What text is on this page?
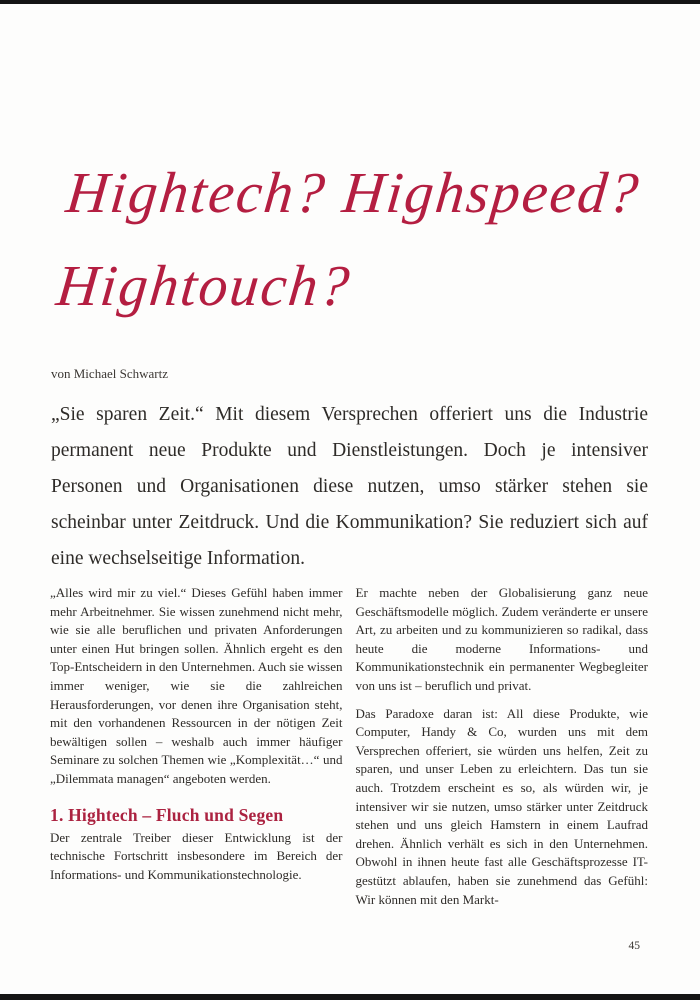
Hightech? Highspeed?
Hightouch?

von Michael Schwartz

„Sie sparen Zeit.“ Mit diesem Versprechen offeriert uns die Industrie permanent neue Produkte und Dienstleistungen. Doch je intensiver Personen und Organisationen diese nutzen, umso stärker stehen sie scheinbar unter Zeitdruck. Und die Kommunikation? Sie reduziert sich auf eine wechselseitige Information.

„Alles wird mir zu viel.“ Dieses Gefühl haben immer mehr Arbeitnehmer. Sie wissen zunehmend nicht mehr, wie sie alle beruflichen und privaten Anforderungen unter einen Hut bringen sollen. Ähnlich ergeht es den Top-Entscheidern in den Unternehmen. Auch sie wissen immer weniger, wie sie die zahlreichen Herausforderungen, vor denen ihre Organisation steht, mit den vorhandenen Ressourcen in der nötigen Zeit bewältigen sollen – weshalb auch immer häufiger Seminare zu solchen Themen wie „Komplexität…“ und „Dilemmata managen“ angeboten werden.

1. Hightech – Fluch und Segen

Der zentrale Treiber dieser Entwicklung ist der technische Fortschritt insbesondere im Bereich der Informations- und Kommunikationstechnologie.

Er machte neben der Globalisierung ganz neue Geschäftsmodelle möglich. Zudem veränderte er unsere Art, zu arbeiten und zu kommunizieren so radikal, dass heute die moderne Informations- und Kommunikationstechnik ein permanenter Wegbegleiter von uns ist – beruflich und privat.

Das Paradoxe daran ist: All diese Produkte, wie Computer, Handy & Co, wurden uns mit dem Versprechen offeriert, sie würden uns helfen, Zeit zu sparen, und unser Leben zu erleichtern. Das tun sie auch. Trotzdem erscheint es so, als würden wir, je intensiver wir sie nutzen, umso stärker unter Zeitdruck stehen und uns gleich Hamstern in einem Laufrad drehen. Ähnlich verhält es sich in den Unternehmen. Obwohl in ihnen heute fast alle Geschäftsprozesse IT-gestützt ablaufen, haben sie zunehmend das Gefühl: Wir können mit den Markt-

45
